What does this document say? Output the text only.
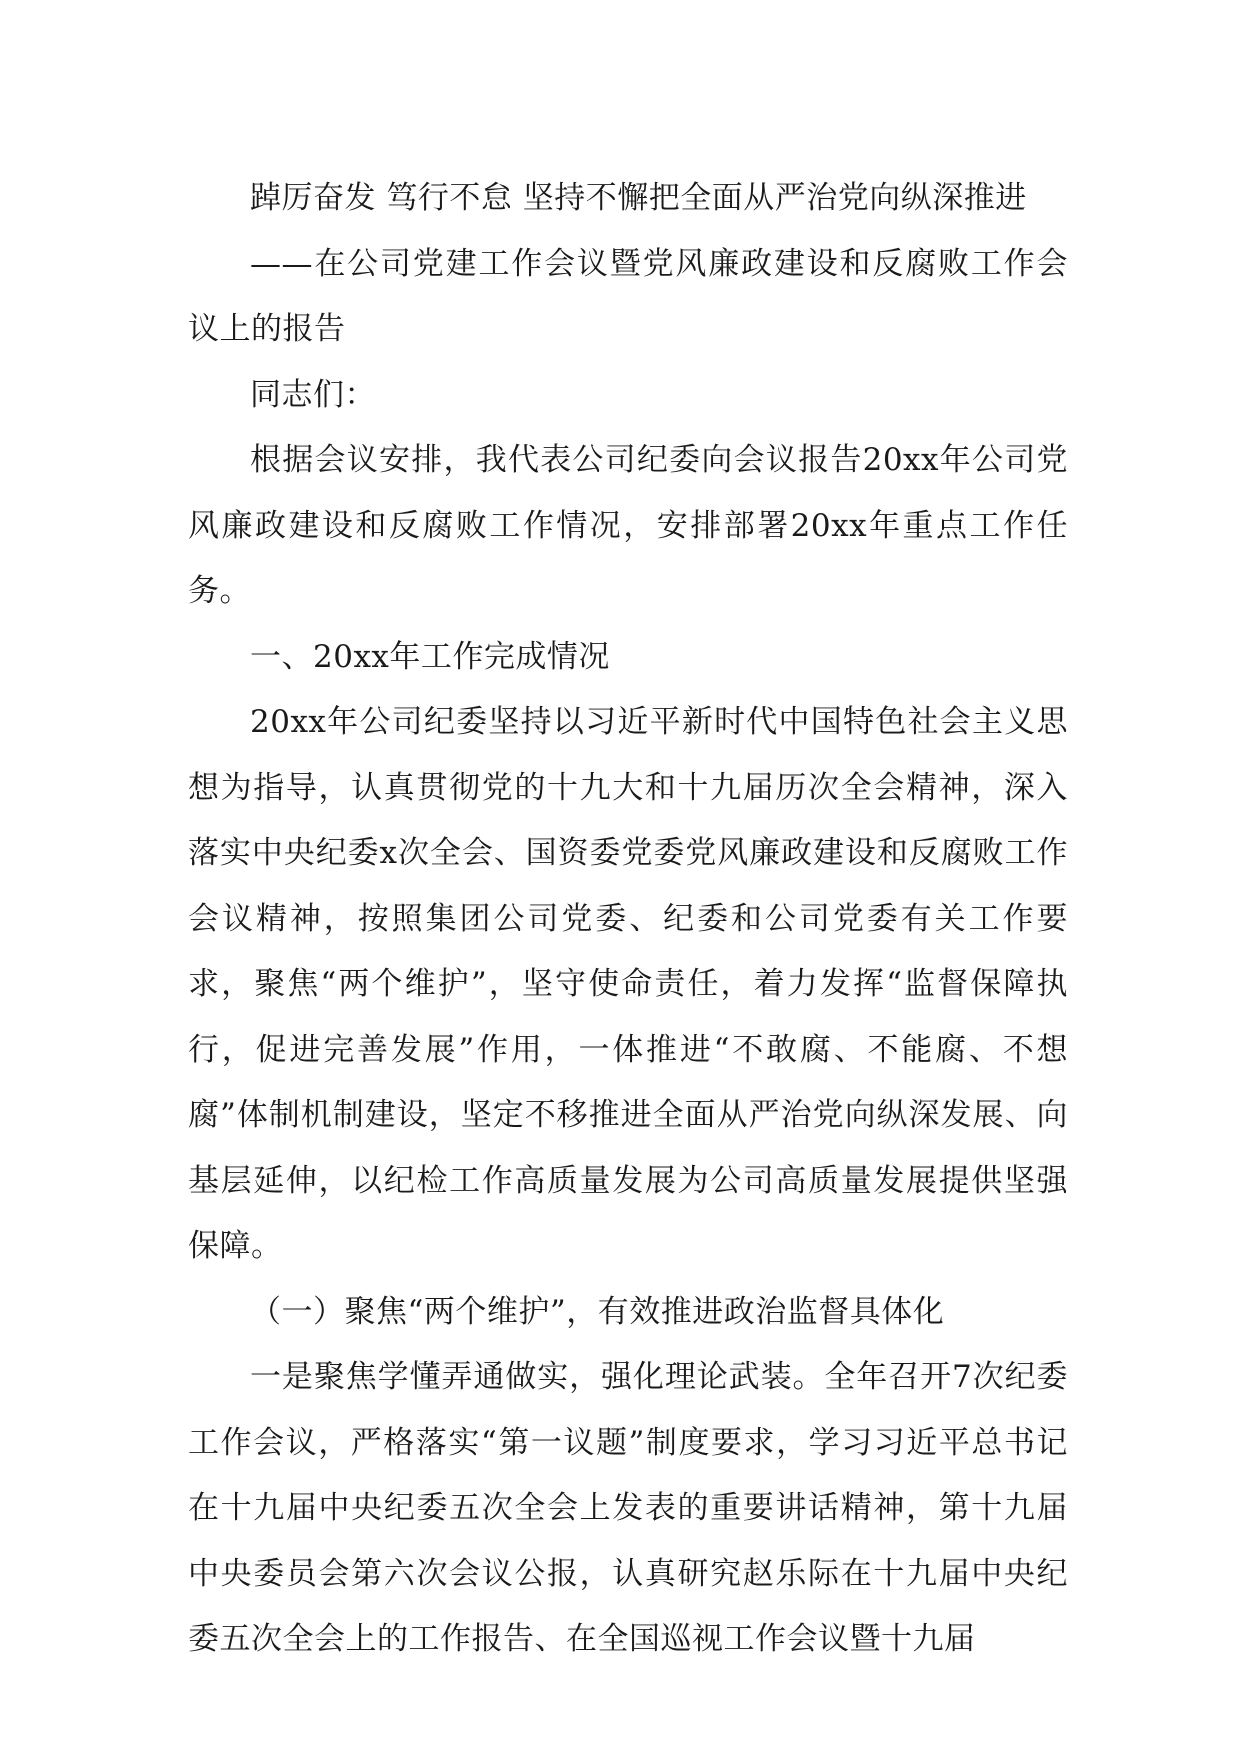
踔厉奋发 笃行不怠 坚持不懈把全面从严治党向纵深推进

——在公司党建工作会议暨党风廉政建设和反腐败工作会议上的报告

同志们：

根据会议安排，我代表公司纪委向会议报告20xx年公司党风廉政建设和反腐败工作情况，安排部署20xx年重点工作任务。

一、20xx年工作完成情况

20xx年公司纪委坚持以习近平新时代中国特色社会主义思想为指导，认真贯彻党的十九大和十九届历次全会精神，深入落实中央纪委x次全会、国资委党委党风廉政建设和反腐败工作会议精神，按照集团公司党委、纪委和公司党委有关工作要求，聚焦“两个维护”，坚守使命责任，着力发挥“监督保障执行，促进完善发展”作用，一体推进“不敢腐、不能腐、不想腐”体制机制建设，坚定不移推进全面从严治党向纵深发展、向基层延伸，以纪检工作高质量发展为公司高质量发展提供坚强保障。

（一）聚焦“两个维护”，有效推进政治监督具体化

一是聚焦学懂弄通做实，强化理论武装。全年召开7次纪委工作会议，严格落实“第一议题”制度要求，学习习近平总书记在十九届中央纪委五次全会上发表的重要讲话精神，第十九届中央委员会第六次会议公报，认真研究赵乐际在十九届中央纪委五次全会上的工作报告、在全国巡视工作会议暨十九届
